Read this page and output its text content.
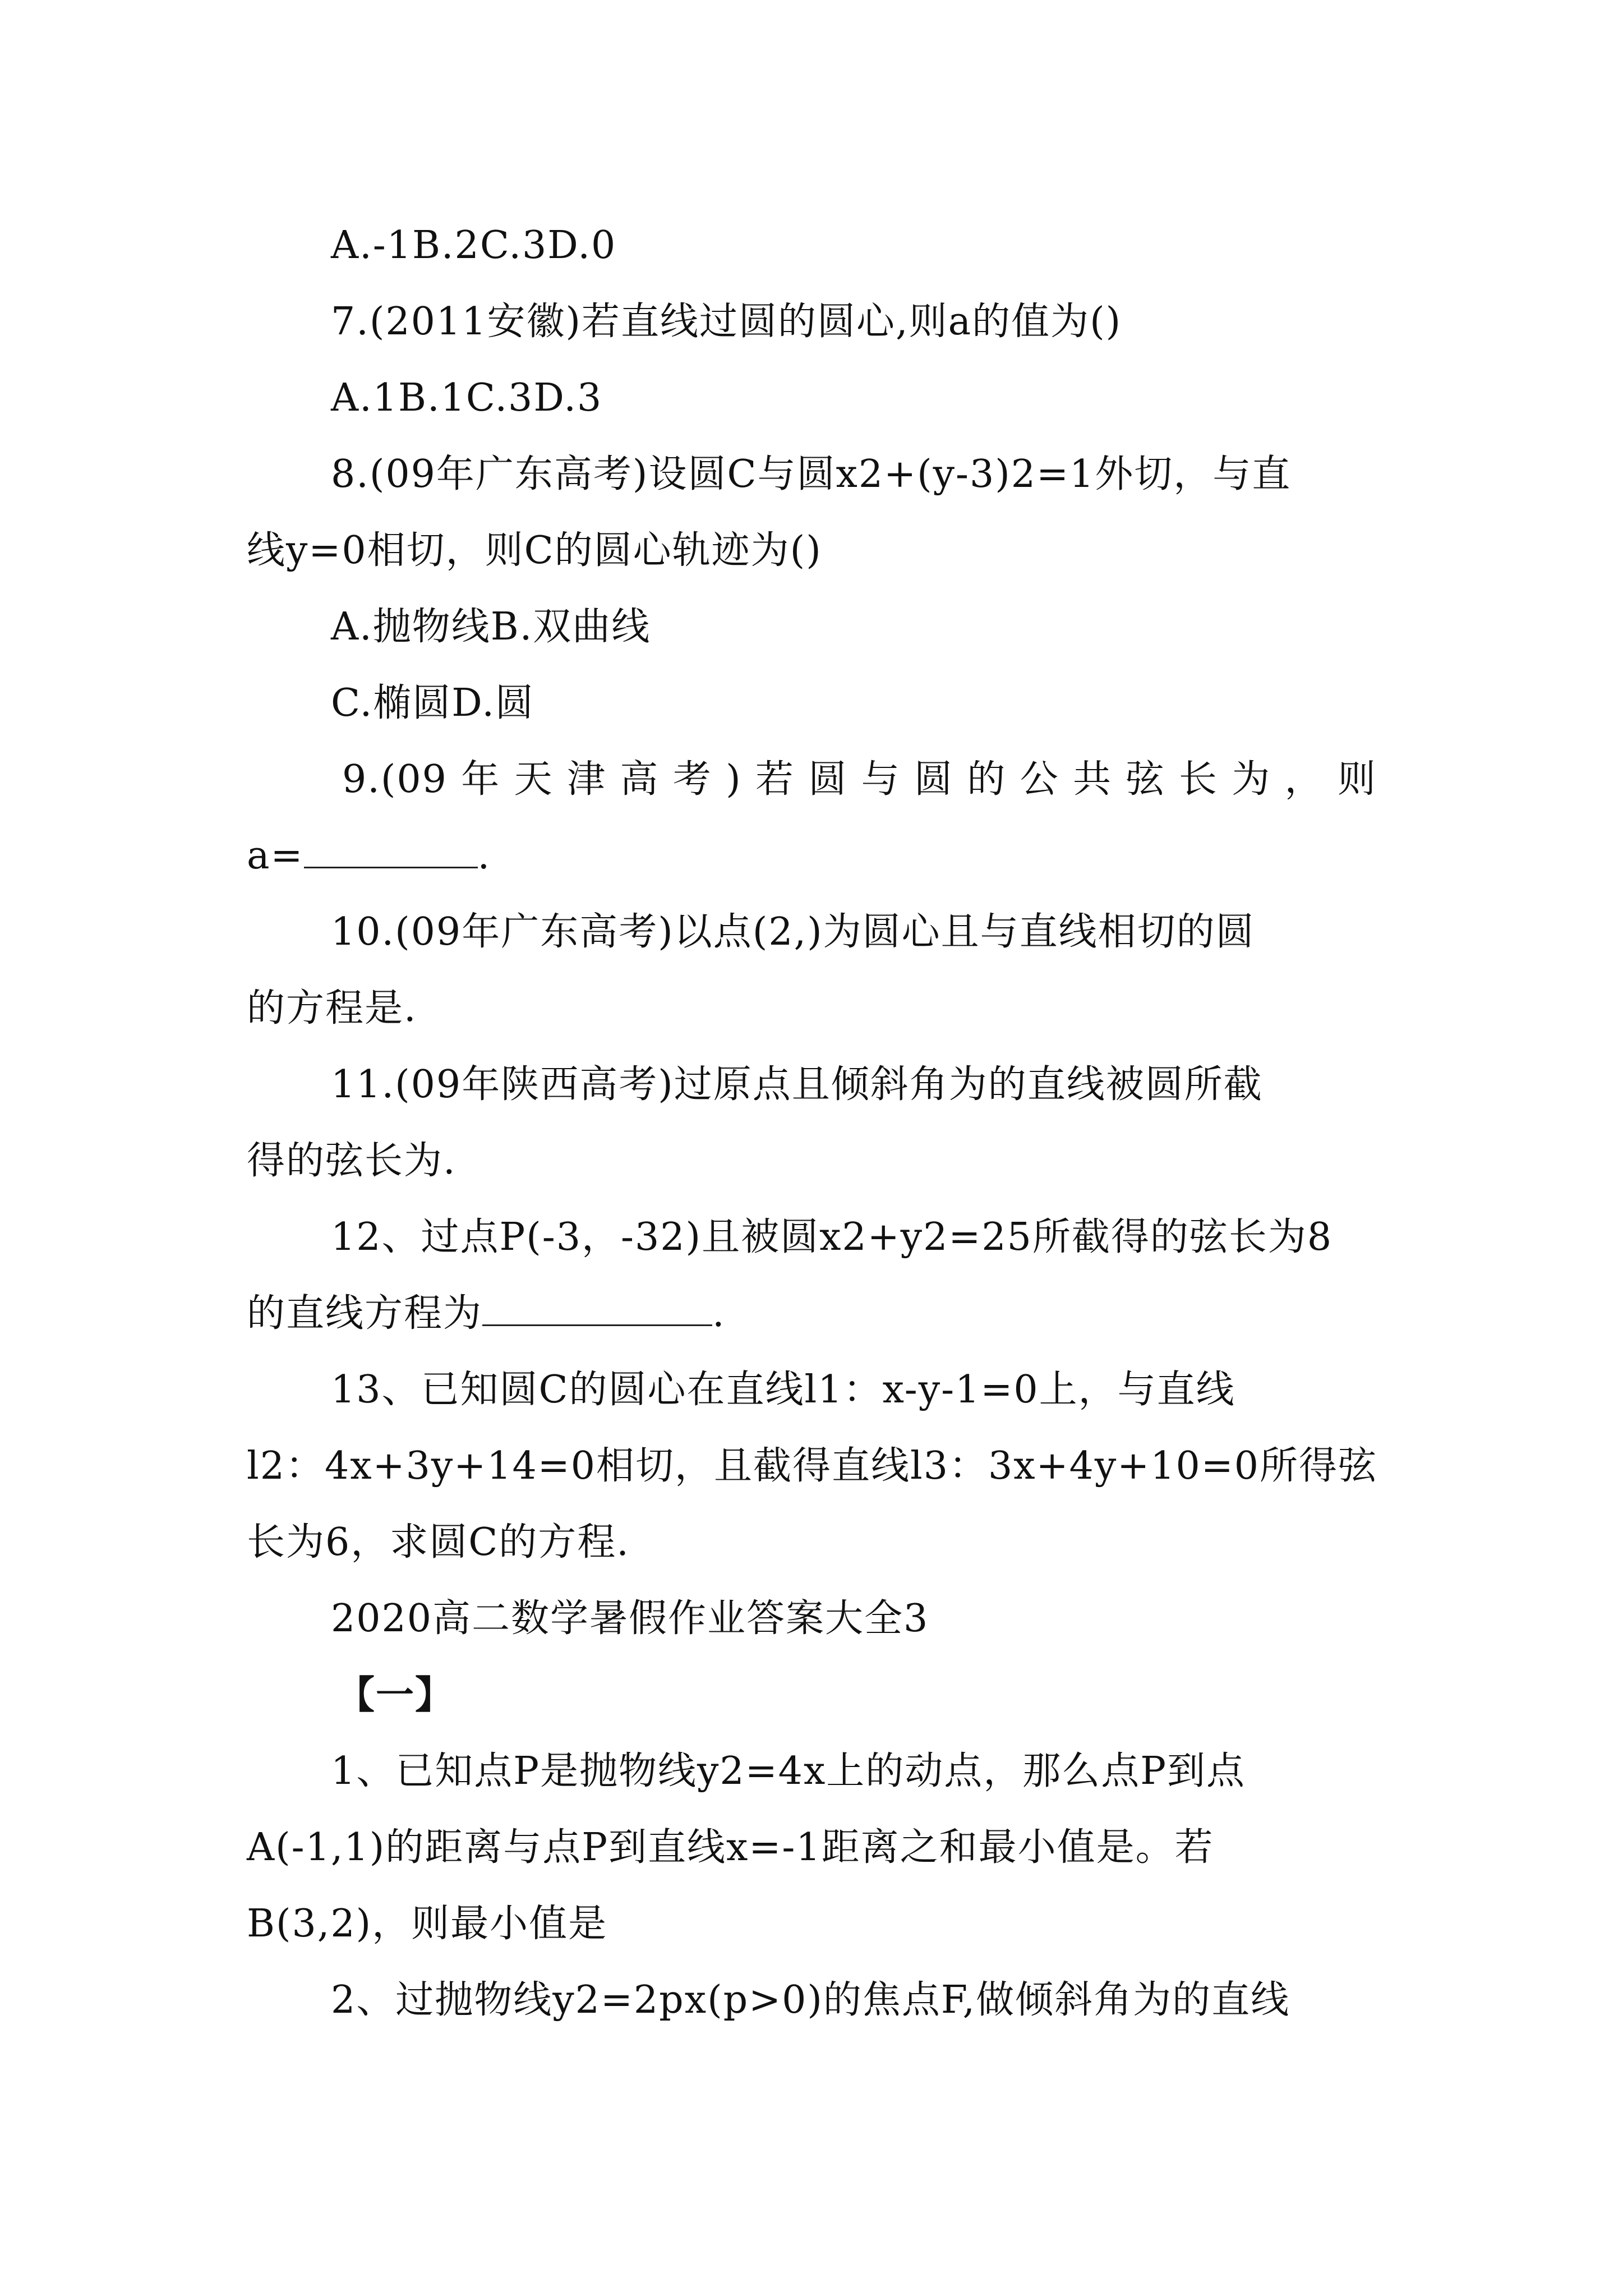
A.-1B.2C.3D.0
7.(2011安徽)若直线过圆的圆心,则a的值为()
A.1B.1C.3D.3
8.(09年广东高考)设圆C与圆x2+(y-3)2=1外切，与直
线y=0相切，则C的圆心轨迹为()
A.抛物线B.双曲线
C.椭圆D.圆
9.(09 年 天 津 高 考 ) 若 圆 与 圆 的 公 共 弦 长 为 ， 则
a=	.
10.(09年广东高考)以点(2,)为圆心且与直线相切的圆
的方程是.
11.(09年陕西高考)过原点且倾斜角为的直线被圆所截
得的弦长为.
12、过点P(-3，-32)且被圆x2+y2=25所截得的弦长为8
的直线方程为	.
13、已知圆C的圆心在直线l1：x-y-1=0上，与直线
l2：4x+3y+14=0相切，且截得直线l3：3x+4y+10=0所得弦
长为6，求圆C的方程.
2020高二数学暑假作业答案大全3
【一】
1、已知点P是抛物线y2=4x上的动点，那么点P到点
A(-1,1)的距离与点P到直线x=-1距离之和最小值是。若
B(3,2)，则最小值是
2、过抛物线y2=2px(p>0)的焦点F,做倾斜角为的直线
